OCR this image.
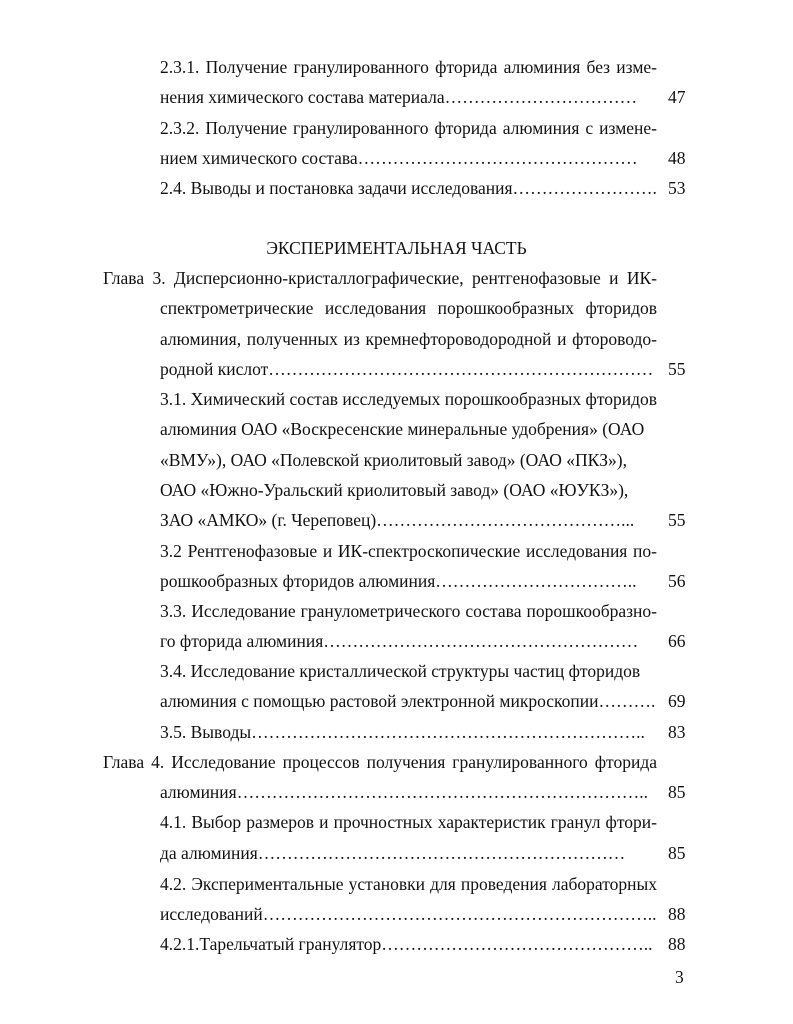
ЭКСПЕРИМЕНТАЛЬНАЯ ЧАСТЬ
3
2.3.1. Получение гранулированного фторида алюминия без изме-
нения химического состава материала…………………………… 47
2.3.2. Получение гранулированного фторида алюминия с измене-
нием химического состава………………………………………… 48
2.4. Выводы и постановка задачи исследования……………………. 53
Глава 3. Дисперсионно-кристаллографические, рентгенофазовые и ИК-
спектрометрические исследования порошкообразных фторидов
алюминия, полученных из кремнефтороводородной и фтороводо-
родной кислот………………………………………………………… 55
3.1. Химический состав исследуемых порошкообразных фторидов
алюминия ОАО «Воскресенские минеральные удобрения» (ОАО
«ВМУ»), ОАО «Полевской криолитовый завод» (ОАО «ПКЗ»),
ОАО «Южно-Уральский криолитовый завод» (ОАО «ЮУКЗ»),
ЗАО «АМКО» (г. Череповец)……………………………………... 55
3.2 Рентгенофазовые и ИК-спектроскопические исследования по-
рошкообразных фторидов алюминия…………………………….. 56
3.3. Исследование гранулометрического состава порошкообразно-
го фторида алюминия……………………………………………… 66
3.4. Исследование кристаллической структуры частиц фторидов
алюминия с помощью растовой электронной микроскопии………. 69
3.5. Выводы………………………………………………………….. 83
Глава 4. Исследование процессов получения гранулированного фторида
алюминия…………………………………………………………….. 85
4.1. Выбор размеров и прочностных характеристик гранул фтори-
да алюминия……………………………………………………… 85
4.2. Экспериментальные установки для проведения лабораторных
исследований………………………………………………………….. 88
4.2.1.Тарельчатый гранулятор……………………………………….. 88
